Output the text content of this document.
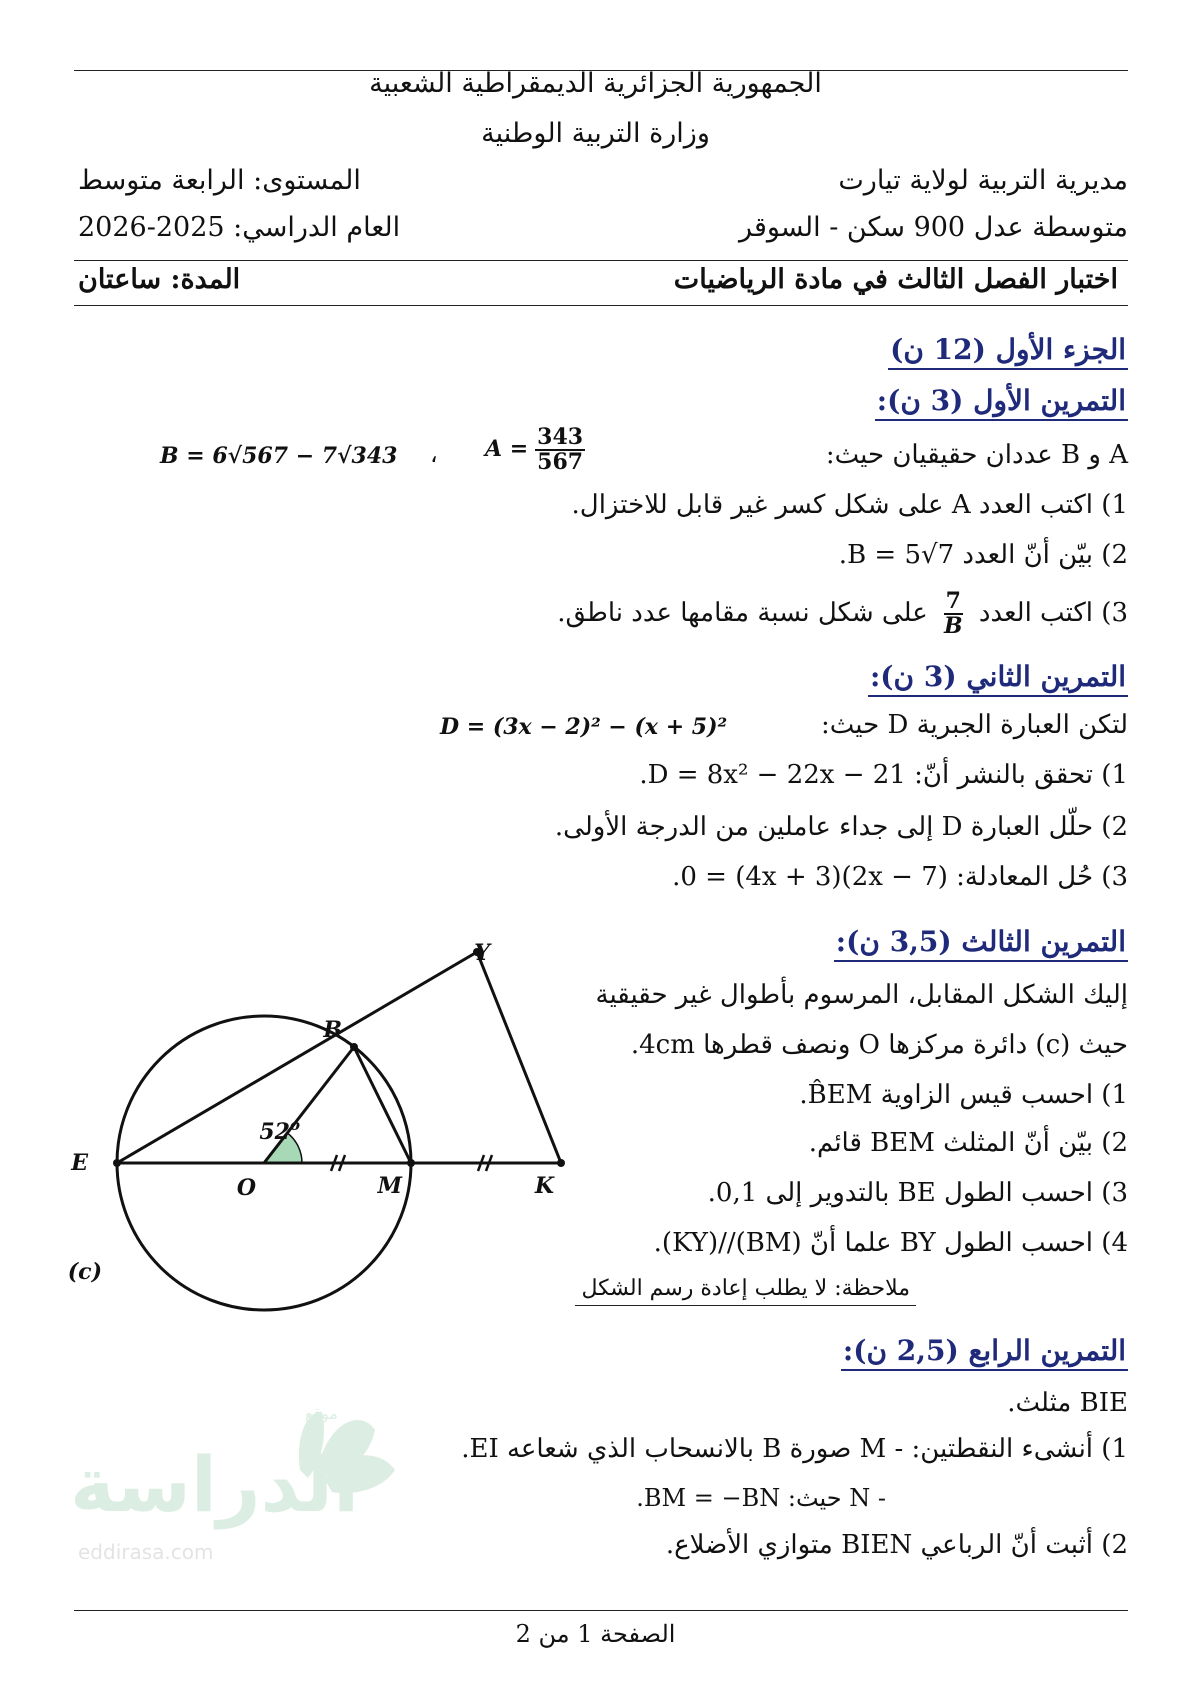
الجمهورية الجزائرية الديمقراطية الشعبية
وزارة التربية الوطنية
مديرية التربية لولاية تيارت
المستوى: الرابعة متوسط
متوسطة عدل 900 سكن - السوقر
العام الدراسي: 2025-2026
اختبار الفصل الثالث في مادة الرياضيات
المدة: ساعتان
الجزء الأول (12 ن)
التمرين الأول (3 ن):
A و B عددان حقيقيان حيث:
$A = \frac{343}{567}$
،
B = 6√567 − 7√343
1) اكتب العدد A على شكل كسر غير قابل للاختزال.
2) بيّن أنّ العدد B = 5√7.
3) اكتب العدد
$\frac{7}{B}$
على شكل نسبة مقامها عدد ناطق.
التمرين الثاني (3 ن):
لتكن العبارة الجبرية D حيث:
D = (3x − 2)² − (x + 5)²
1) تحقق بالنشر أنّ: D = 8x² − 22x − 21.
2) حلّل العبارة D إلى جداء عاملين من الدرجة الأولى.
3) حُل المعادلة: (2x − 7)(4x + 3) = 0.
التمرين الثالث (3,5 ن):
إليك الشكل المقابل، المرسوم بأطوال غير حقيقية
حيث (c) دائرة مركزها O ونصف قطرها 4cm.
1) احسب قيس الزاوية B̂EM.
2) بيّن أنّ المثلث BEM قائم.
3) احسب الطول BE بالتدوير إلى 0,1.
4) احسب الطول BY علما أنّ (BM)//(KY).
ملاحظة: لا يطلب إعادة رسم الشكل
Y
B
E
O	M	K
(c)
52$^o$
التمرين الرابع (2,5 ن):
BIE مثلث.
1) أنشىء النقطتين: - M صورة B بالانسحاب الذي شعاعه EI.
- N حيث: BM = −BN.
2) أثبت أنّ الرباعي BIEN متوازي الأضلاع.
موقع
الدراسة
eddirasa.com
الصفحة 1 من 2
